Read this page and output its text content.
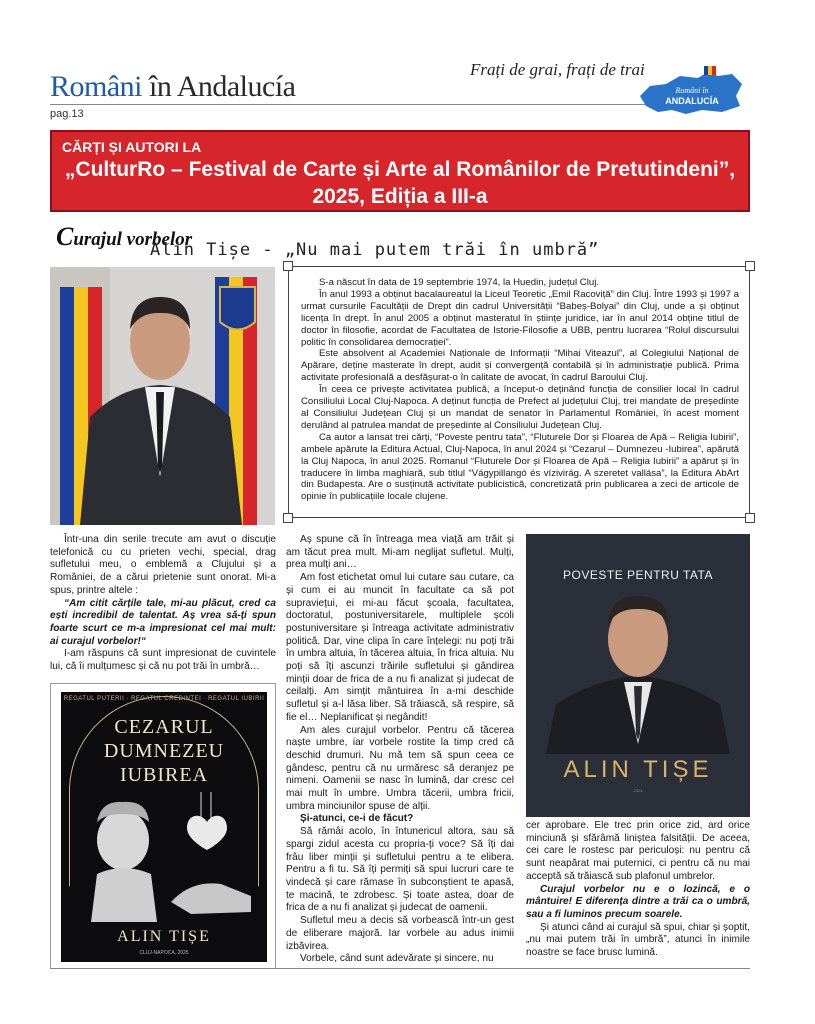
Români în Andalucía
pag.13
Frați de grai, frați de trai
Români în
ANDALUCÍA
CĂRȚI ȘI AUTORI LA
„CulturRo – Festival de Carte și Arte al Românilor de Pretutindeni”,
2025, Ediția a III-a
Curajul vorbelor
Alin Tișe - „Nu mai putem trăi în umbră”

S-a născut în data de 19 septembrie 1974, la Huedin, județul Cluj.

În anul 1993 a obținut bacalaureatul la Liceul Teoretic „Emil Racoviță” din Cluj. Între 1993 și 1997 a urmat cursurile Facultății de Drept din cadrul Universității “Babeș-Bolyai” din Cluj, unde a și obținut licența în drept. În anul 2005 a obținut masteratul în științe juridice, iar în anul 2014 obține titlul de doctor în filosofie, acordat de Facultatea de Istorie-Filosofie a UBB, pentru lucrarea “Rolul discursului politic în consolidarea democrației”.

Este absolvent al Academiei Naționale de Informații “Mihai Viteazul”, al Colegiului Național de Apărare, deține masterate în drept, audit și convergență contabilă și în administrație publică. Prima activitate profesională a desfășurat-o în calitate de avocat, în cadrul Baroului Cluj.

În ceea ce privește activitatea publică, a început-o deținând funcția de consilier local în cadrul Consiliului Local Cluj-Napoca. A deținut funcția de Prefect al județului Cluj, trei mandate de președinte al Consiliului Județean Cluj și un mandat de senator în Parlamentul României, în acest moment derulând al patrulea mandat de președinte al Consiliului Județean Cluj.

Ca autor a lansat trei cărți, “Poveste pentru tata”, “Fluturele Dor și Floarea de Apă – Religia Iubirii”, ambele apărute la Editura Actual, Cluj-Napoca, în anul 2024 și “Cezarul – Dumnezeu -Iubirea”, apărută la Cluj Napoca, în anul 2025. Romanul “Fluturele Dor și Floarea de Apă – Religia Iubirii” a apărut și în traducere în limba maghiară, sub titlul “Vágypillangó és vízivirág. A szeretet vallása”, la Editura AbArt din Budapesta. Are o susținută activitate publicistică, concretizată prin publicarea a zeci de articole de opinie în publicațiile locale clujene.

Într-una din serile trecute am avut o discuție telefonică cu cu prieten vechi, special, drag sufletului meu, o emblemă a Clujului și a României, de a cărui prietenie sunt onorat. Mi-a spus, printre altele :

“Am citit cărțile tale, mi-au plăcut, cred ca ești incredibil de talentat. Aș vrea să-ți spun foarte scurt ce m-a impresionat cel mai mult: ai curajul vorbelor!“

I-am răspuns că sunt impresionat de cuvintele lui, că îi mulțumesc și că nu pot trăi în umbră…

REGATUL PUTERII · REGATUL CREDINȚEI · REGATUL IUBIRII
CEZARUL
DUMNEZEU
IUBIREA
ALIN TIȘE
CLUJ-NAPOCA, 2025

Aș spune că în întreaga mea viață am trăit și am tăcut prea mult. Mi-am neglijat sufletul. Mulți, prea mulți ani…

Am fost etichetat omul lui cutare sau cutare, ca și cum ei au muncit în facultate ca să pot supraviețui, ei mi-au făcut școala, facultatea, doctoratul, postuniversitarele, multiplele școli postuniversitare și întreaga activitate administrativ politică. Dar, vine clipa în care înțelegi: nu poți trăi în umbra altuia, în tăcerea altuia, în frica altuia. Nu poți să îți ascunzi trăirile sufletului și gândirea minții doar de frica de a nu fi analizat și judecat de ceilalți. Am simțit mântuirea în a-mi deschide sufletul și a-l lăsa liber. Să trăiască, să respire, să fie el… Neplanificat și negândit!

Am ales curajul vorbelor. Pentru că tăcerea naște umbre, iar vorbele rostite la timp cred că deschid drumuri. Nu mă tem să spun ceea ce gândesc, pentru că nu urmăresc să deranjez pe nimeni. Oamenii se nasc în lumină, dar cresc cel mai mult în umbre. Umbra tăcerii, umbra fricii, umbra minciunilor spuse de alții.

Și-atunci, ce-i de făcut?

Să rămâi acolo, în întunericul altora, sau să spargi zidul acesta cu propria-ți voce? Să îți dai frâu liber minții și sufletului pentru a te elibera. Pentru a fi tu. Să îți permiți să spui lucruri care te vindecă și care rămase în subconștient te apasă, te macină, te zdrobesc. Și toate astea, doar de frica de a nu fi analizat și judecat de oamenii.

Sufletul meu a decis să vorbească într-un gest de eliberare majoră. Iar vorbele au adus inimii izbăvirea.

Vorbele, când sunt adevărate și sincere, nu

POVESTE PENTRU TATA
ALIN TIȘE
2024

cer aprobare. Ele trec prin orice zid, ard orice minciună și sfărâmă liniștea falsității. De aceea, cei care le rostesc par periculoși: nu pentru că sunt neapărat mai puternici, ci pentru că nu mai acceptă să trăiască sub plafonul umbrelor.

Curajul vorbelor nu e o lozincă, e o mântuire! E diferența dintre a trăi ca o umbră, sau a fi luminos precum soarele.

Și atunci când ai curajul să spui, chiar și șoptit, „nu mai putem trăi în umbră”, atunci în inimile noastre se face brusc lumină.
